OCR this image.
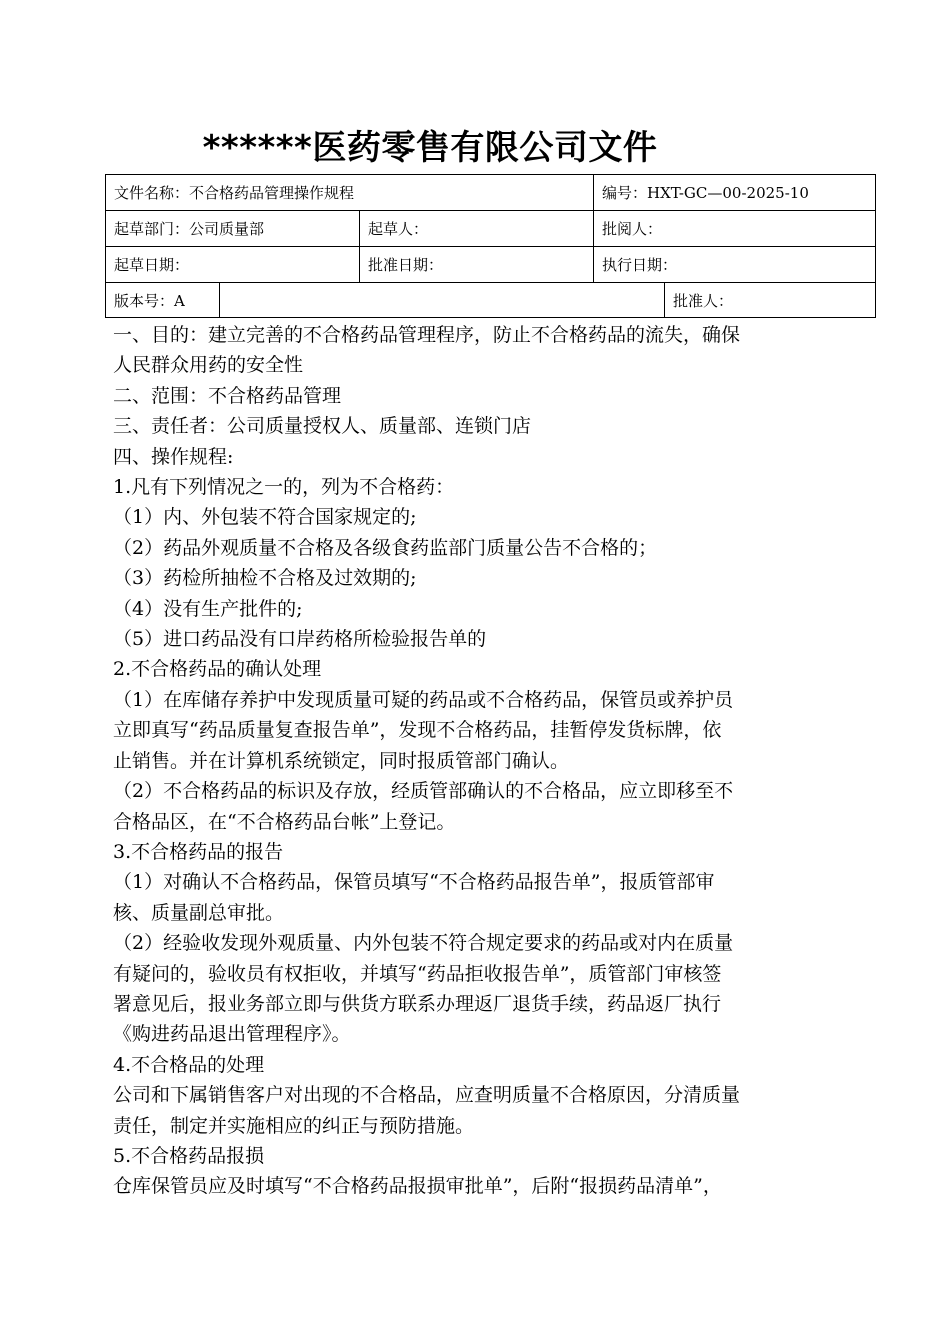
******医药零售有限公司文件
文件名称：不合格药品管理操作规程			编号：HXT-GC—00-2025-10	
起草部门：公司质量部		起草人：	批阅人：	
起草日期：		批准日期：	执行日期：	
版本号：A				批准人：

一、目的：建立完善的不合格药品管理程序，防止不合格药品的流失，确保

人民群众用药的安全性

二、范围：不合格药品管理

三、责任者：公司质量授权人、质量部、连锁门店

四、操作规程:

1.凡有下列情况之一的，列为不合格药：

（1）内、外包装不符合国家规定的;

（2）药品外观质量不合格及各级食药监部门质量公告不合格的；

（3）药检所抽检不合格及过效期的;

（4）没有生产批件的;

（5）进口药品没有口岸药格所检验报告单的

2.不合格药品的确认处理

（1）在库储存养护中发现质量可疑的药品或不合格药品，保管员或养护员

立即真写“药品质量复查报告单”，发现不合格药品，挂暂停发货标牌，依

止销售。并在计算机系统锁定，同时报质管部门确认。

（2）不合格药品的标识及存放，经质管部确认的不合格品，应立即移至不

合格品区，在“不合格药品台帐”上登记。

3.不合格药品的报告

（1）对确认不合格药品，保管员填写“不合格药品报告单”，报质管部审

核、质量副总审批。

（2）经验收发现外观质量、内外包装不符合规定要求的药品或对内在质量

有疑问的，验收员有权拒收，并填写“药品拒收报告单”，质管部门审核签

署意见后，报业务部立即与供货方联系办理返厂退货手续，药品返厂执行

《购进药品退出管理程序》。

4.不合格品的处理

公司和下属销售客户对出现的不合格品，应查明质量不合格原因，分清质量

责任，制定并实施相应的纠正与预防措施。

5.不合格药品报损

仓库保管员应及时填写“不合格药品报损审批单”，后附“报损药品清单”，
